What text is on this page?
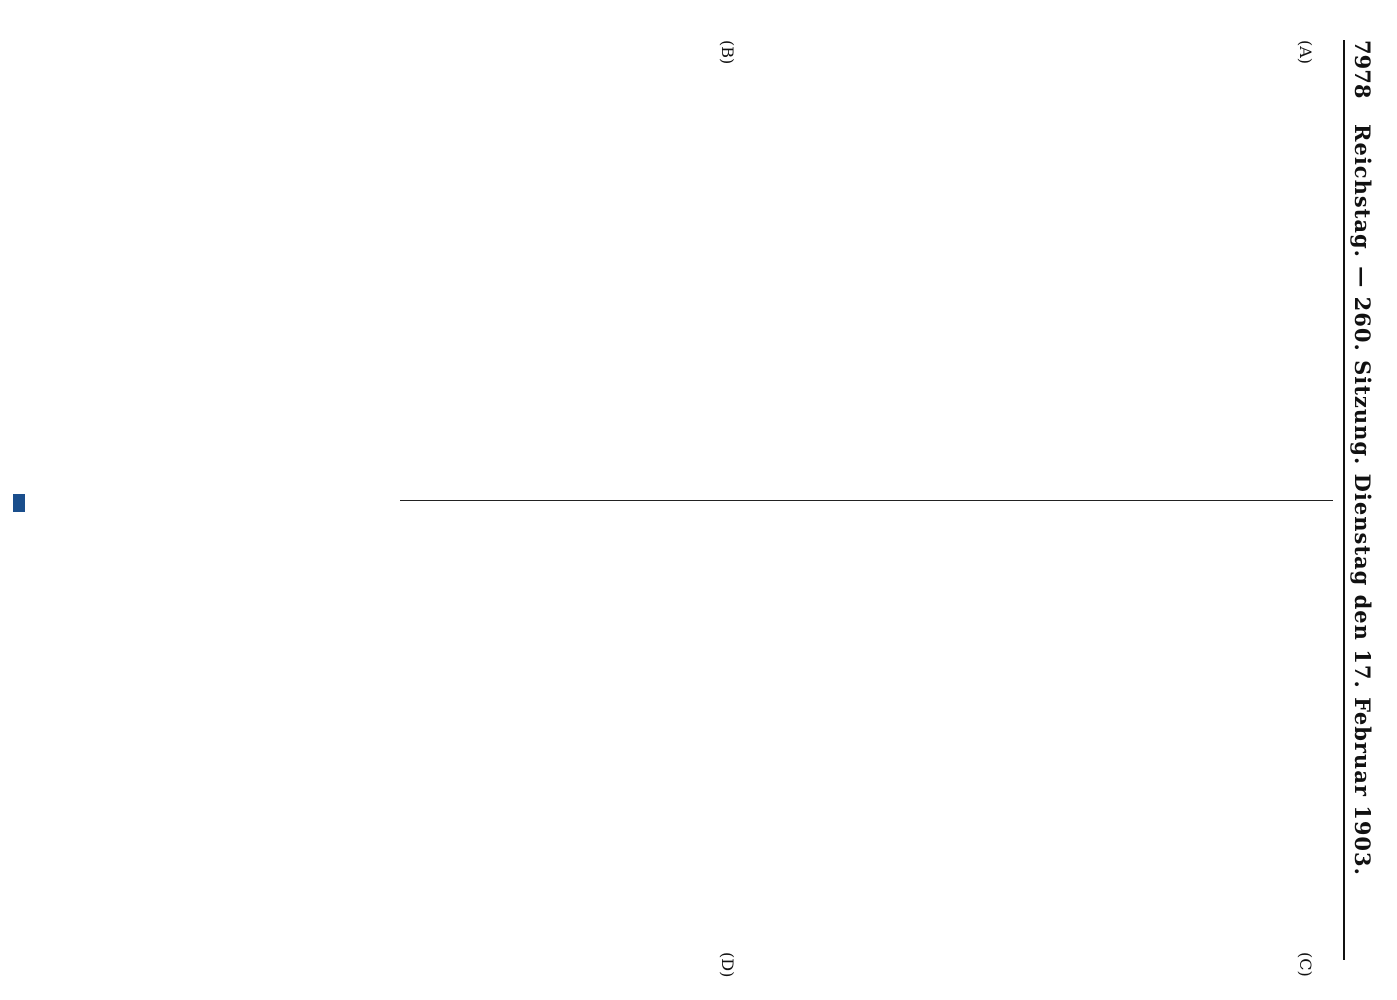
7978
Reichstag. — 260. Sitzung. Dienstag den 17. Februar 1903.
(A)
(B)
(C)
(D)
